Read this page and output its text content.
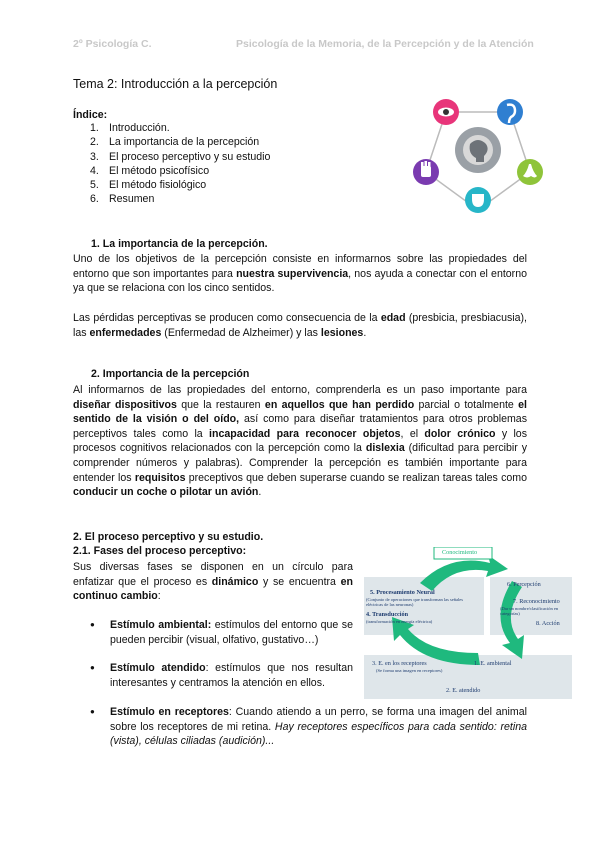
2º Psicología C.	Psicología de la Memoria, de la Percepción y de la Atención
Tema 2: Introducción a la percepción
Índice:
1. Introducción.
2. La importancia de la percepción
3. El proceso perceptivo y su estudio
4. El método psicofísico
5. El método fisiológico
6. Resumen
1. La importancia de la percepción.

Uno de los objetivos de la percepción consiste en informarnos sobre las propiedades del entorno que son importantes para nuestra supervivencia, nos ayuda a conectar con el entorno ya que se relaciona con los cinco sentidos.

Las pérdidas perceptivas se producen como consecuencia de la edad (presbicia, presbiacusia), las enfermedades (Enfermedad de Alzheimer) y las lesiones.

2. Importancia de la percepción

Al informarnos de las propiedades del entorno, comprenderla es un paso importante para diseñar dispositivos que la restauren en aquellos que han perdido parcial o totalmente el sentido de la visión o del oído, así como para diseñar tratamientos para otros problemas perceptivos tales como la incapacidad para reconocer objetos, el dolor crónico y los procesos cognitivos relacionados con la percepción como la dislexia (dificultad para percibir y comprender números y palabras). Comprender la percepción es también importante para entender los requisitos preceptivos que deben superarse cuando se realizan tareas tales como conducir un coche o pilotar un avión.

2. El proceso perceptivo y su estudio.
2.1. Fases del proceso perceptivo:

Sus diversas fases se disponen en un círculo para enfatizar que el proceso es dinámico y se encuentra en continuo cambio:

● Estímulo ambiental: estímulos del entorno que se pueden percibir (visual, olfativo, gustativo…)
● Estímulo atendido: estímulos que nos resultan interesantes y centramos la atención en ellos.
● Estímulo en receptores: Cuando atiendo a un perro, se forma una imagen del animal sobre los receptores de mi retina. Hay receptores específicos para cada sentido: retina (vista), células ciliadas (audición)...
Conocimiento
5. Procesamiento Neural
(Conjunto de operaciones que transforman las señales eléctricas de las neuronas)
4. Transducción
(transformación en energía eléctrica)
6. Percepción
7. Reconocimiento
(Dar un nombre/clasificación en categorías)
8. Acción
3. E. en los receptores
(Se forma una imagen en receptores)
1. E. ambiental
2. E. atendido
